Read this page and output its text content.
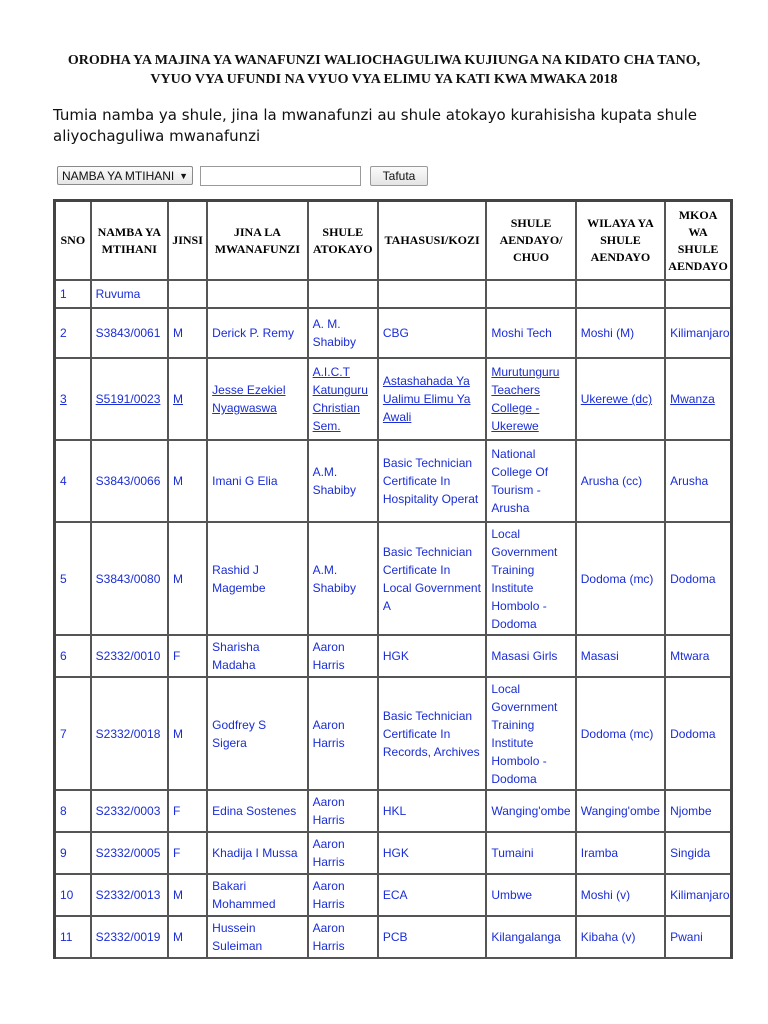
ORODHA YA MAJINA YA WANAFUNZI WALIOCHAGULIWA KUJIUNGA NA KIDATO CHA TANO,
VYUO VYA UFUNDI NA VYUO VYA ELIMU YA KATI KWA MWAKA 2018
Tumia namba ya shule, jina la mwanafunzi au shule atokayo kurahisisha kupata shule aliyochaguliwa mwanafunzi
NAMBA YA MTIHANI ▼	Tafuta
SNO	NAMBA YA MTIHANI	JINSI	JINA LA MWANAFUNZI	SHULE ATOKAYO	TAHASUSI/KOZI	SHULE AENDAYO/ CHUO	WILAYA YA SHULE AENDAYO	MKOA WA SHULE AENDAYO
1	Ruvuma							
2	S3843/0061	M	Derick P. Remy	A. M. Shabiby	CBG	Moshi Tech	Moshi (M)	Kilimanjaro
3	S5191/0023	M	Jesse Ezekiel Nyagwaswa	A.I.C.T Katunguru Christian Sem.	Astashahada Ya Ualimu Elimu Ya Awali	Murutunguru Teachers College - Ukerewe	Ukerewe (dc)	Mwanza
4	S3843/0066	M	Imani G Elia	A.M. Shabiby	Basic Technician Certificate In Hospitality Operat	National College Of Tourism - Arusha	Arusha (cc)	Arusha
5	S3843/0080	M	Rashid J Magembe	A.M. Shabiby	Basic Technician Certificate In Local Government A	Local Government Training Institute Hombolo - Dodoma	Dodoma (mc)	Dodoma
6	S2332/0010	F	Sharisha Madaha	Aaron Harris	HGK	Masasi Girls	Masasi	Mtwara
7	S2332/0018	M	Godfrey S Sigera	Aaron Harris	Basic Technician Certificate In Records, Archives	Local Government Training Institute Hombolo - Dodoma	Dodoma (mc)	Dodoma
8	S2332/0003	F	Edina Sostenes	Aaron Harris	HKL	Wanging'ombe	Wanging'ombe	Njombe
9	S2332/0005	F	Khadija I Mussa	Aaron Harris	HGK	Tumaini	Iramba	Singida
10	S2332/0013	M	Bakari Mohammed	Aaron Harris	ECA	Umbwe	Moshi (v)	Kilimanjaro
11	S2332/0019	M	Hussein Suleiman	Aaron Harris	PCB	Kilangalanga	Kibaha (v)	Pwani
